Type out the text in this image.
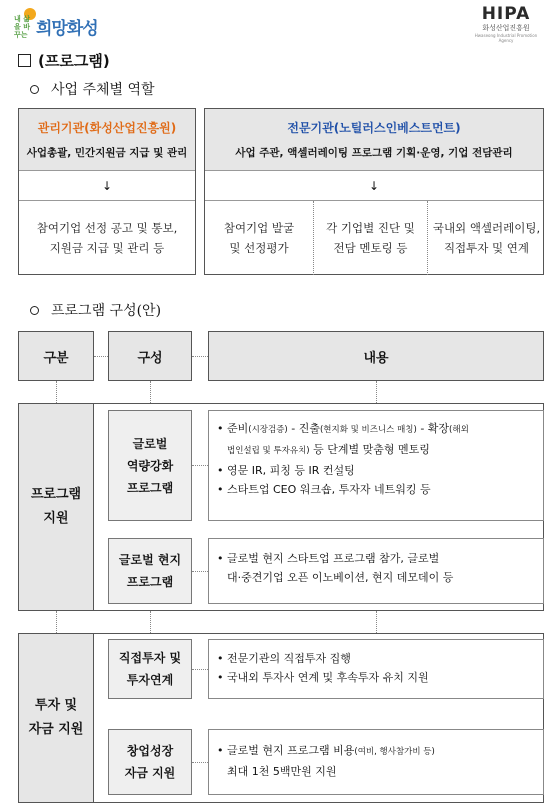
내 삶을 바꾸는 희망화성
HIPA
화성산업진흥원
Hwaseong Industrial Promotion Agency
(프로그램)
사업 주체별 역할
관리기관(화성산업진흥원)
사업총괄, 민간지원금 지급 및 관리
↓
참여기업 선정 공고 및 통보,
지원금 지급 및 관리 등
전문기관(노틸러스인베스트먼트)
사업 주관, 액셀러레이팅 프로그램 기획·운영, 기업 전담관리
↓
참여기업 발굴
및 선정평가
각 기업별 진단 및
전담 멘토링 등
국내외 액셀러레이팅,
직접투자 및 연계
프로그램 구성(안)
구분	구성	내용
프로그램
지원
글로벌
역량강화
프로그램
• 준비(시장검증) - 진출(현지화 및 비즈니스 매칭) - 확장(해외
법인설립 및 투자유치) 등 단계별 맞춤형 멘토링
• 영문 IR, 피칭 등 IR 컨설팅
• 스타트업 CEO 워크숍, 투자자 네트워킹 등
글로벌 현지
프로그램
• 글로벌 현지 스타트업 프로그램 참가, 글로벌
대·중견기업 오픈 이노베이션, 현지 데모데이 등
투자 및
자금 지원
직접투자 및
투자연계
• 전문기관의 직접투자 집행
• 국내외 투자사 연계 및 후속투자 유치 지원
창업성장
자금 지원
• 글로벌 현지 프로그램 비용(여비, 행사참가비 등)
최대 1천 5백만원 지원
